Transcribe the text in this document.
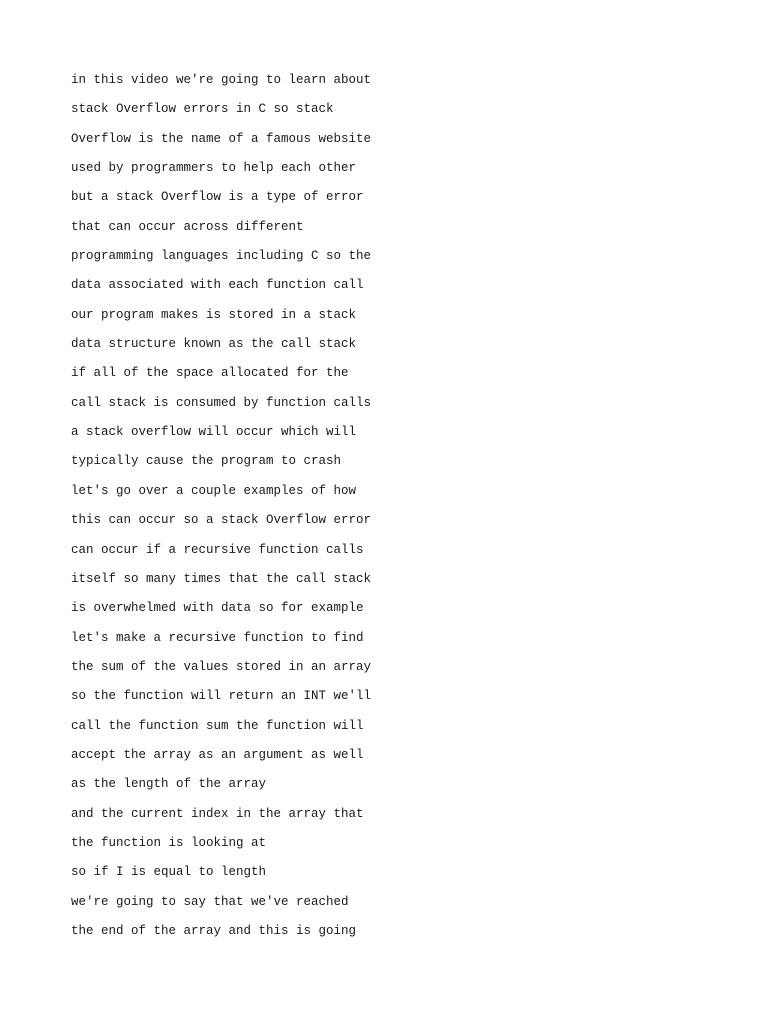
in this video we're going to learn about
stack Overflow errors in C so stack
Overflow is the name of a famous website
used by programmers to help each other
but a stack Overflow is a type of error
that can occur across different
programming languages including C so the
data associated with each function call
our program makes is stored in a stack
data structure known as the call stack
if all of the space allocated for the
call stack is consumed by function calls
a stack overflow will occur which will
typically cause the program to crash
let's go over a couple examples of how
this can occur so a stack Overflow error
can occur if a recursive function calls
itself so many times that the call stack
is overwhelmed with data so for example
let's make a recursive function to find
the sum of the values stored in an array
so the function will return an INT we'll
call the function sum the function will
accept the array as an argument as well
as the length of the array
and the current index in the array that
the function is looking at
so if I is equal to length
we're going to say that we've reached
the end of the array and this is going
